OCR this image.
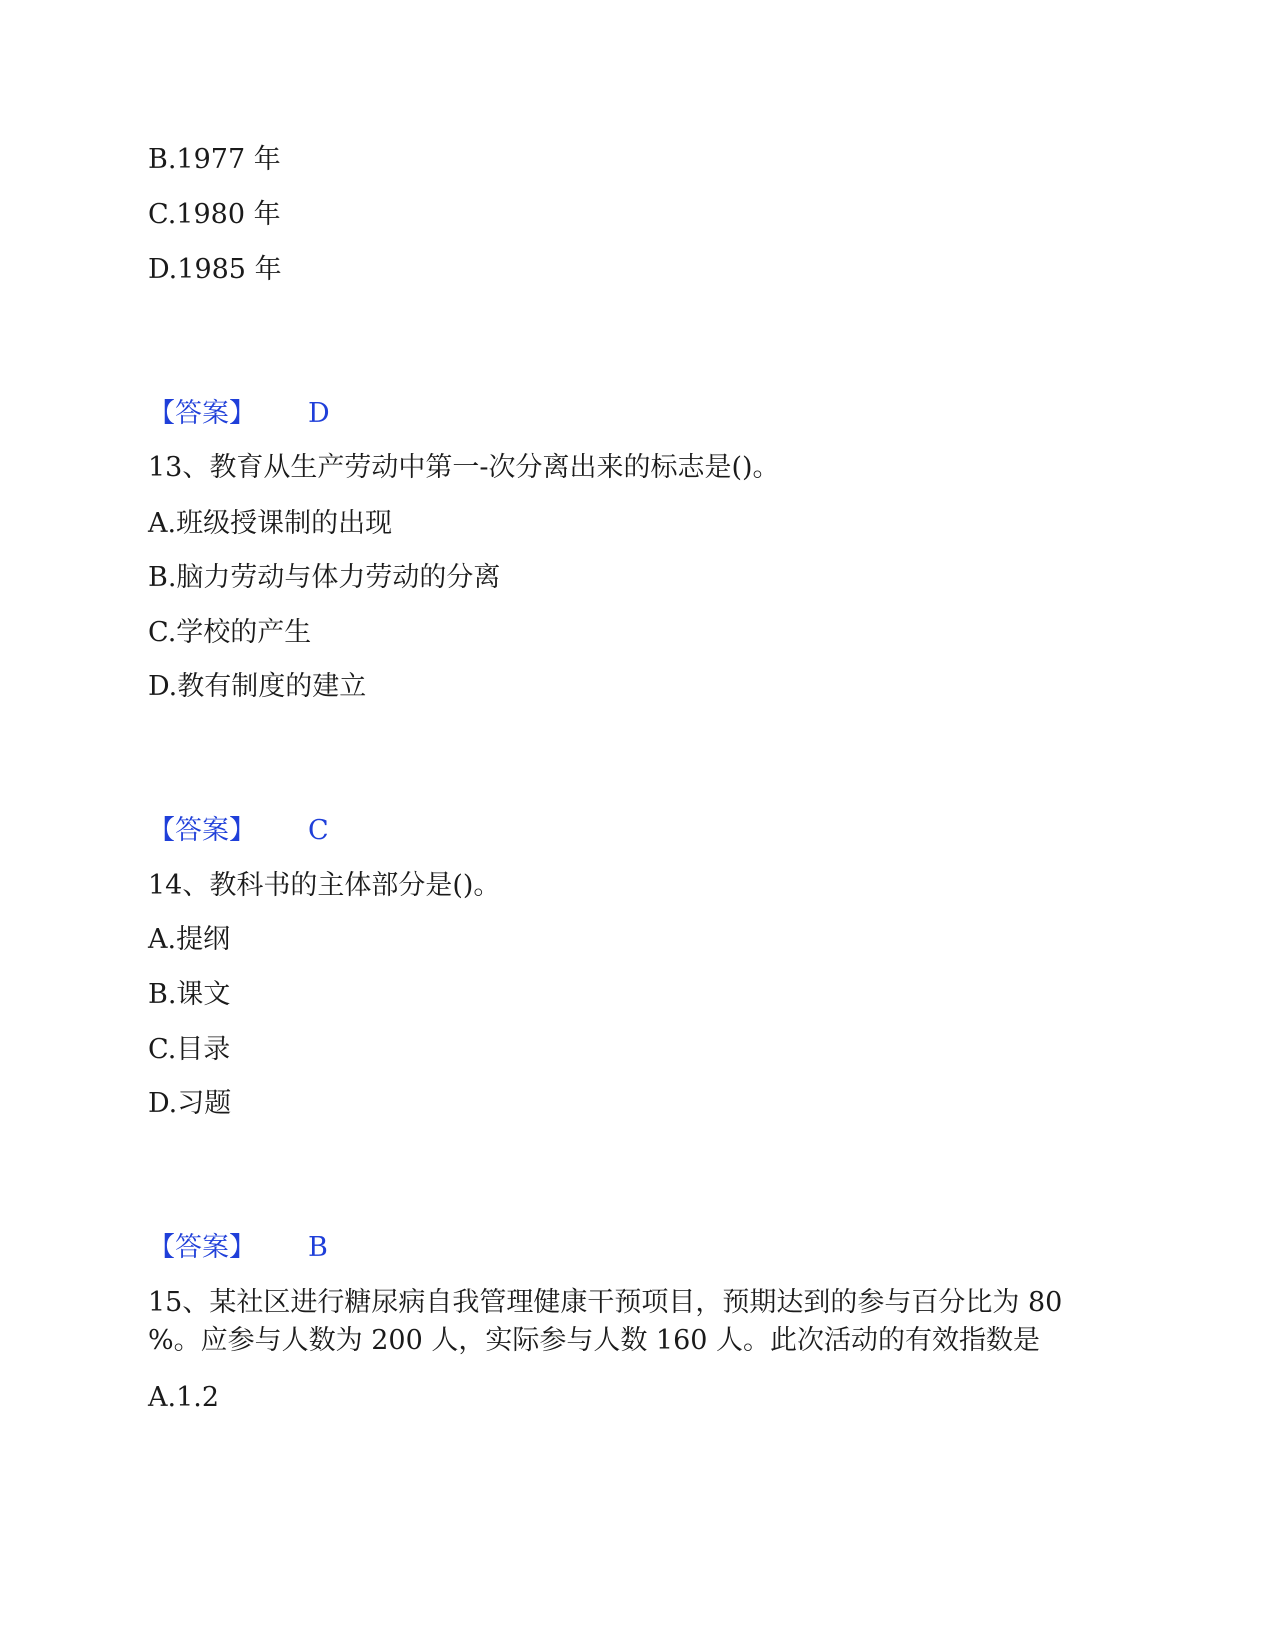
B.1977 年
C.1980 年
D.1985 年
【答案】 D
13、教育从生产劳动中第一-次分离出来的标志是()。
A.班级授课制的出现
B.脑力劳动与体力劳动的分离
C.学校的产生
D.教有制度的建立
【答案】 C
14、教科书的主体部分是()。
A.提纲
B.课文
C.目录
D.习题
【答案】 B
15、某社区进行糖尿病自我管理健康干预项目，预期达到的参与百分比为 80
%。应参与人数为 200 人，实际参与人数 160 人。此次活动的有效指数是
A.1.2
